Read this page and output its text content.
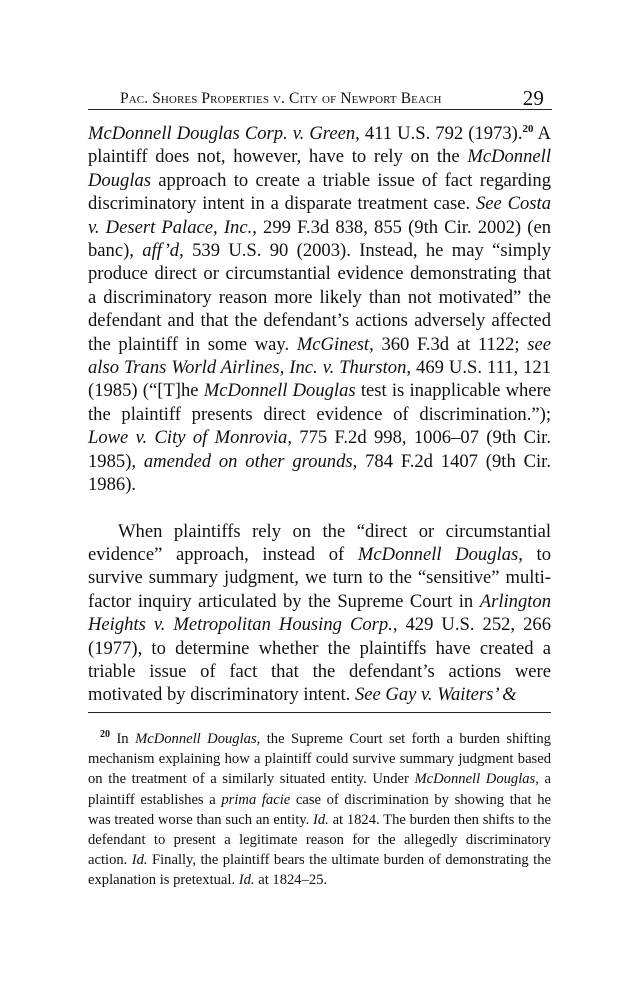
Pac. Shores Properties v. City of Newport Beach	29

McDonnell Douglas Corp. v. Green, 411 U.S. 792 (1973).$^{20}$ A plaintiff does not, however, have to rely on the McDonnell Douglas approach to create a triable issue of fact regarding discriminatory intent in a disparate treatment case. See Costa v. Desert Palace, Inc., 299 F.3d 838, 855 (9th Cir. 2002) (en banc), aff’d, 539 U.S. 90 (2003). Instead, he may “simply produce direct or circumstantial evidence demonstrating that a discriminatory reason more likely than not motivated” the defendant and that the defendant’s actions adversely affected the plaintiff in some way. McGinest, 360 F.3d at 1122; see also Trans World Airlines, Inc. v. Thurston, 469 U.S. 111, 121 (1985) (“[T]he McDonnell Douglas test is inapplicable where the plaintiff presents direct evidence of discrimination.”); Lowe v. City of Monrovia, 775 F.2d 998, 1006–07 (9th Cir. 1985), amended on other grounds, 784 F.2d 1407 (9th Cir. 1986).

When plaintiffs rely on the “direct or circumstantial evidence” approach, instead of McDonnell Douglas, to survive summary judgment, we turn to the “sensitive” multi-factor inquiry articulated by the Supreme Court in Arlington Heights v. Metropolitan Housing Corp., 429 U.S. 252, 266 (1977), to determine whether the plaintiffs have created a triable issue of fact that the defendant’s actions were motivated by discriminatory intent. See Gay v. Waiters’ &

$^{20}$ In McDonnell Douglas, the Supreme Court set forth a burden shifting mechanism explaining how a plaintiff could survive summary judgment based on the treatment of a similarly situated entity. Under McDonnell Douglas, a plaintiff establishes a prima facie case of discrimination by showing that he was treated worse than such an entity. Id. at 1824. The burden then shifts to the defendant to present a legitimate reason for the allegedly discriminatory action. Id. Finally, the plaintiff bears the ultimate burden of demonstrating the explanation is pretextual. Id. at 1824–25.
